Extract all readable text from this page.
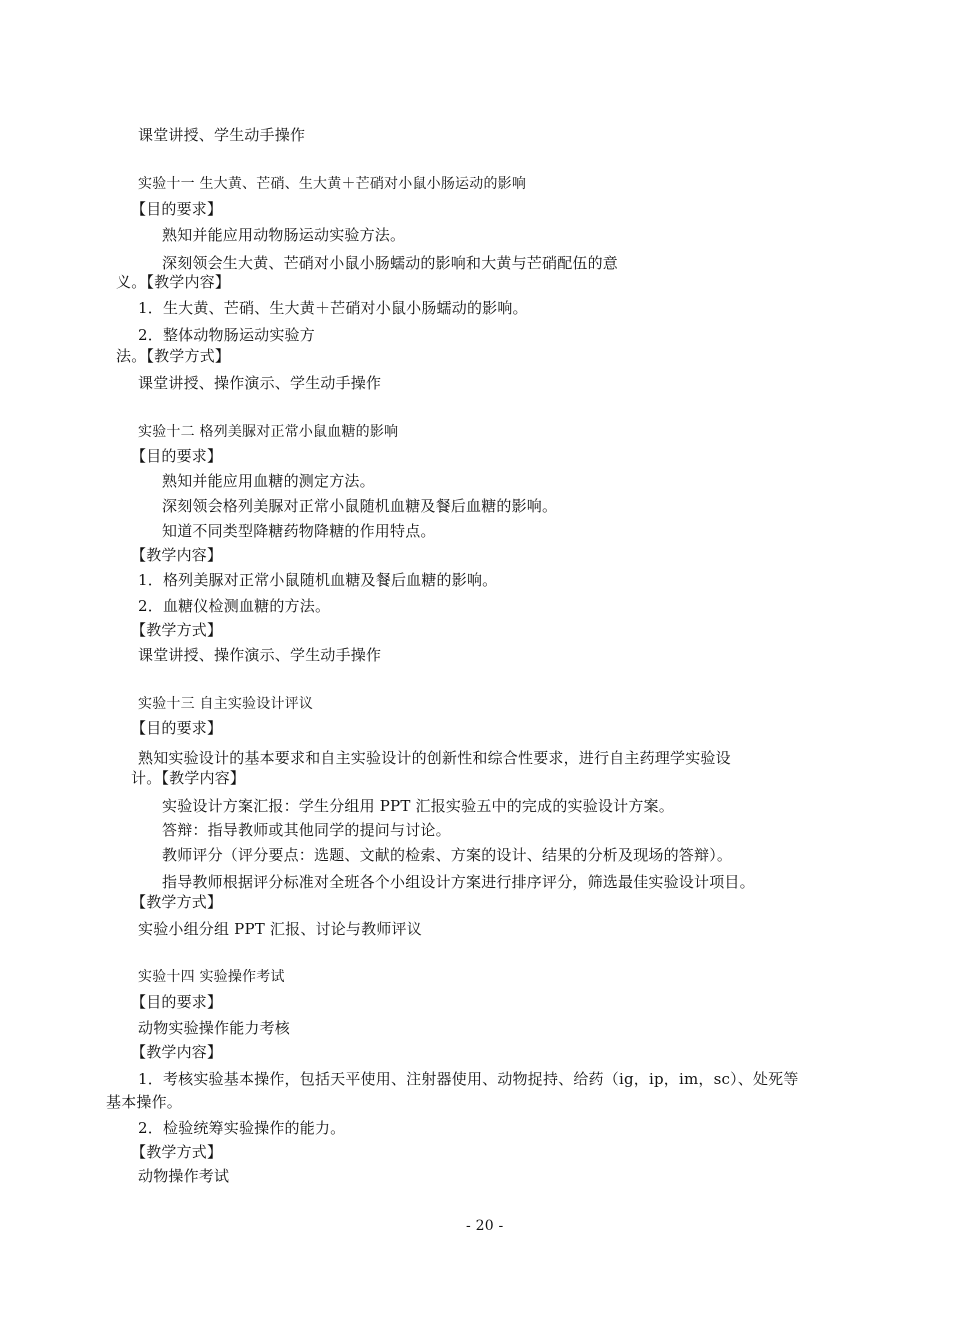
课堂讲授、学生动手操作
实验十一 生大黄、芒硝、生大黄＋芒硝对小鼠小肠运动的影响
【目的要求】
熟知并能应用动物肠运动实验方法。
深刻领会生大黄、芒硝对小鼠小肠蠕动的影响和大黄与芒硝配伍的意
义。【教学内容】
1．生大黄、芒硝、生大黄＋芒硝对小鼠小肠蠕动的影响。
2．整体动物肠运动实验方
法。【教学方式】
课堂讲授、操作演示、学生动手操作
实验十二 格列美脲对正常小鼠血糖的影响
【目的要求】
熟知并能应用血糖的测定方法。
深刻领会格列美脲对正常小鼠随机血糖及餐后血糖的影响。
知道不同类型降糖药物降糖的作用特点。
【教学内容】
1．格列美脲对正常小鼠随机血糖及餐后血糖的影响。
2．血糖仪检测血糖的方法。
【教学方式】
课堂讲授、操作演示、学生动手操作
实验十三 自主实验设计评议
【目的要求】
熟知实验设计的基本要求和自主实验设计的创新性和综合性要求，进行自主药理学实验设
计。【教学内容】
实验设计方案汇报：学生分组用 PPT 汇报实验五中的完成的实验设计方案。
答辩：指导教师或其他同学的提问与讨论。
教师评分（评分要点：选题、文献的检索、方案的设计、结果的分析及现场的答辩）。
指导教师根据评分标准对全班各个小组设计方案进行排序评分，筛选最佳实验设计项目。
【教学方式】
实验小组分组 PPT 汇报、讨论与教师评议
实验十四 实验操作考试
【目的要求】
动物实验操作能力考核
【教学内容】
1．考核实验基本操作，包括天平使用、注射器使用、动物捉持、给药（ig，ip，im，sc）、处死等
基本操作。
2．检验统筹实验操作的能力。
【教学方式】
动物操作考试
- 20 -
